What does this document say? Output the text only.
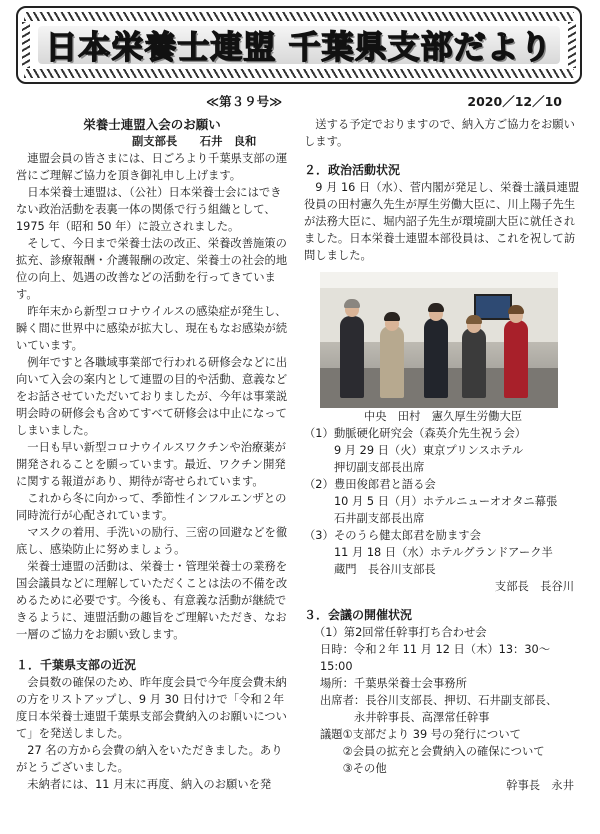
日本栄養士連盟 千葉県支部だより
≪第３９号≫	2020／12／10

栄養士連盟入会のお願い

副支部長　　石井　良和

連盟会員の皆さまには、日ごろより千葉県支部の運営にご理解ご協力を頂き御礼申し上げます。

日本栄養士連盟は、（公社）日本栄養士会にはできない政治活動を表裏一体の関係で行う組織として、1975 年（昭和 50 年）に設立されました。

そして、今日まで栄養士法の改正、栄養改善施策の拡充、診療報酬・介護報酬の改定、栄養士の社会的地位の向上、処遇の改善などの活動を行ってきています。

昨年末から新型コロナウイルスの感染症が発生し、瞬く間に世界中に感染が拡大し、現在もなお感染が続いています。

例年ですと各職域事業部で行われる研修会などに出向いて入会の案内として連盟の目的や活動、意義などをお話させていただいておりましたが、今年は事業説明会時の研修会も含めてすべて研修会は中止になってしまいました。

一日も早い新型コロナウイルスワクチンや治療薬が開発されることを願っています。最近、ワクチン開発に関する報道があり、期待が寄せられています。

これから冬に向かって、季節性インフルエンザとの同時流行が心配されています。

マスクの着用、手洗いの励行、三密の回避などを徹底し、感染防止に努めましょう。

栄養士連盟の活動は、栄養士・管理栄養士の業務を国会議員などに理解していただくことは法の不備を改めるために必要です。今後も、有意義な活動が継続できるように、連盟活動の趣旨をご理解いただき、なお一層のご協力をお願い致します。

１．千葉県支部の近況

会員数の確保のため、昨年度会員で今年度会費未納の方をリストアップし、9 月 30 日付けで「令和２年度日本栄養士連盟千葉県支部会費納入のお願いについて」を発送しました。

27 名の方から会費の納入をいただきました。ありがとうございました。

未納者には、11 月末に再度、納入のお願いを発

送する予定でおりますので、納入方ご協力をお願いします。

２．政治活動状況

9 月 16 日（水）、菅内閣が発足し、栄養士議員連盟役員の田村憲久先生が厚生労働大臣に、川上陽子先生が法務大臣に、堀内詔子先生が環境副大臣に就任されました。日本栄養士連盟本部役員は、これを祝して訪問しました。

中央　田村　憲久厚生労働大臣

（1）動脈硬化研究会（森英介先生祝う会）

9 月 29 日（火）東京プリンスホテル

押切副支部長出席

（2）豊田俊郎君と語る会

10 月 5 日（月）ホテルニューオオタニ幕張

石井副支部長出席

（3）そのうら健太郎君を励ます会

11 月 18 日（水）ホテルグランドアーク半

蔵門　長谷川支部長

支部長　長谷川

３．会議の開催状況

（1）第2回常任幹事打ち合わせ会

日時：令和２年 11 月 12 日（木）13：30～15:00

場所：千葉県栄養士会事務所

出席者：長谷川支部長、押切、石井副支部長、

　　　永井幹事長、高澤常任幹事

議題①支部だより 39 号の発行について

　　②会員の拡充と会費納入の確保について

　　③その他

幹事長　永井
